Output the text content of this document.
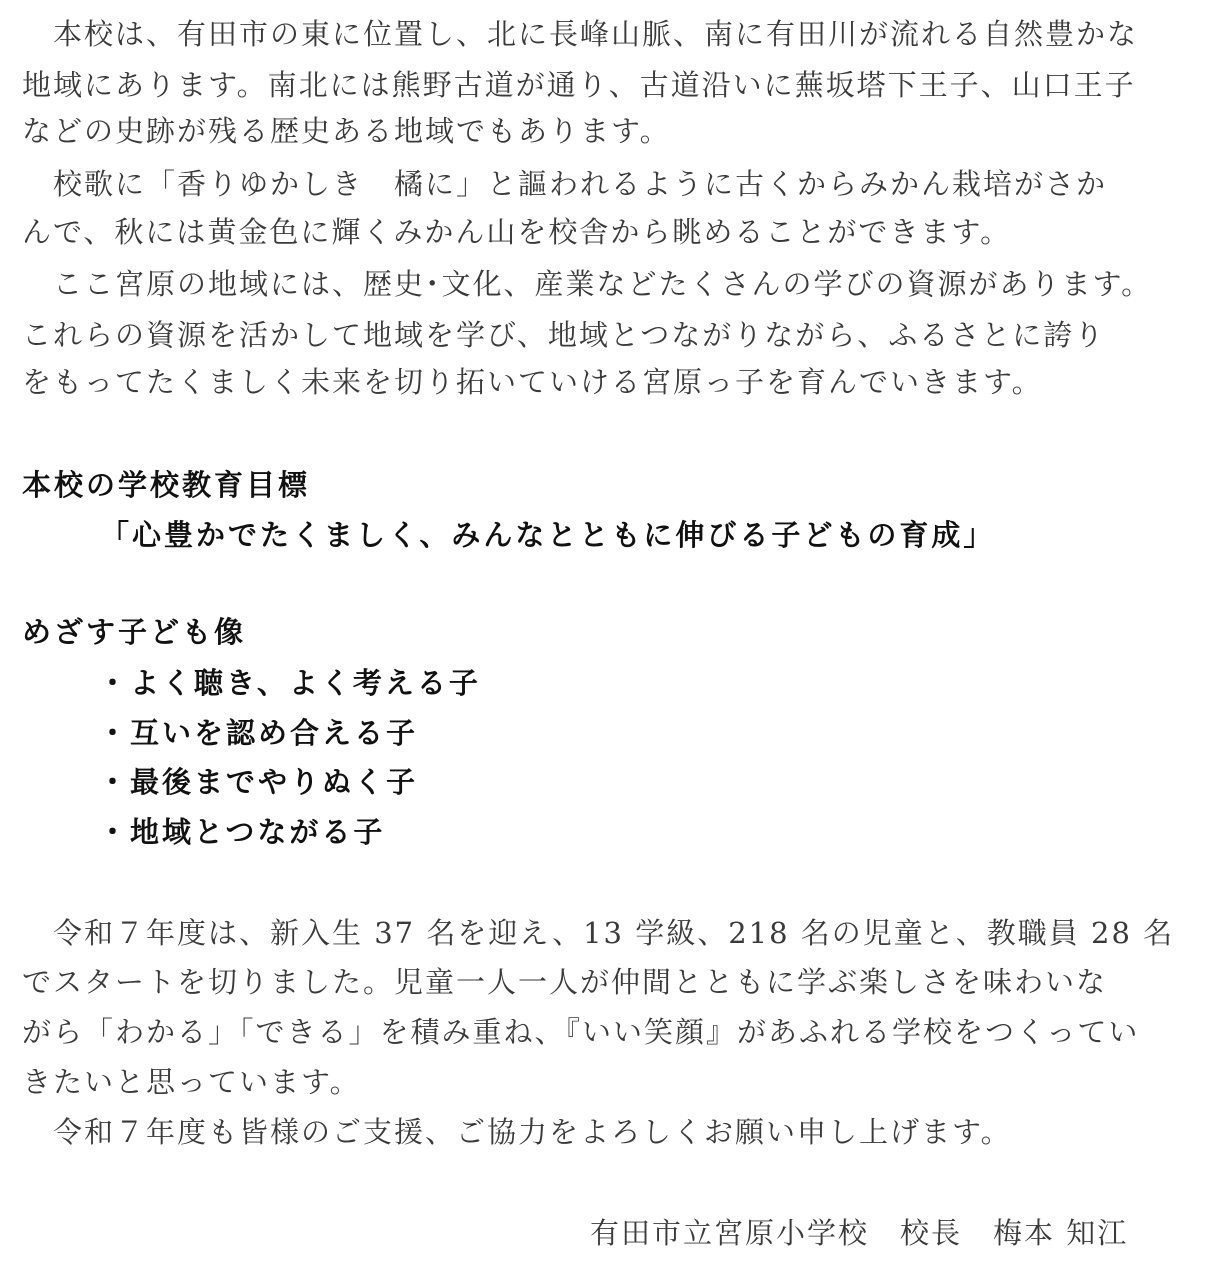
　本校は、有田市の東に位置し、北に長峰山脈、南に有田川が流れる自然豊かな
地域にあります。南北には熊野古道が通り、古道沿いに蕪坂塔下王子、山口王子
などの史跡が残る歴史ある地域でもあります。
　校歌に「香りゆかしき　橘に」と謳われるように古くからみかん栽培がさか
んで、秋には黄金色に輝くみかん山を校舎から眺めることができます。
　ここ宮原の地域には、歴史･文化、産業などたくさんの学びの資源があります。
これらの資源を活かして地域を学び、地域とつながりながら、ふるさとに誇り
をもってたくましく未来を切り拓いていける宮原っ子を育んでいきます。
本校の学校教育目標
「心豊かでたくましく、みんなとともに伸びる子どもの育成」
めざす子ども像
・よく聴き、よく考える子
・互いを認め合える子
・最後までやりぬく子
・地域とつながる子
　令和７年度は、新入生 37 名を迎え、13 学級、218 名の児童と、教職員 28 名
でスタートを切りました。児童一人一人が仲間とともに学ぶ楽しさを味わいな
がら「わかる」「できる」を積み重ね、『いい笑顔』があふれる学校をつくってい
きたいと思っています。
　令和７年度も皆様のご支援、ご協力をよろしくお願い申し上げます。
有田市立宮原小学校　校長　梅本 知江
